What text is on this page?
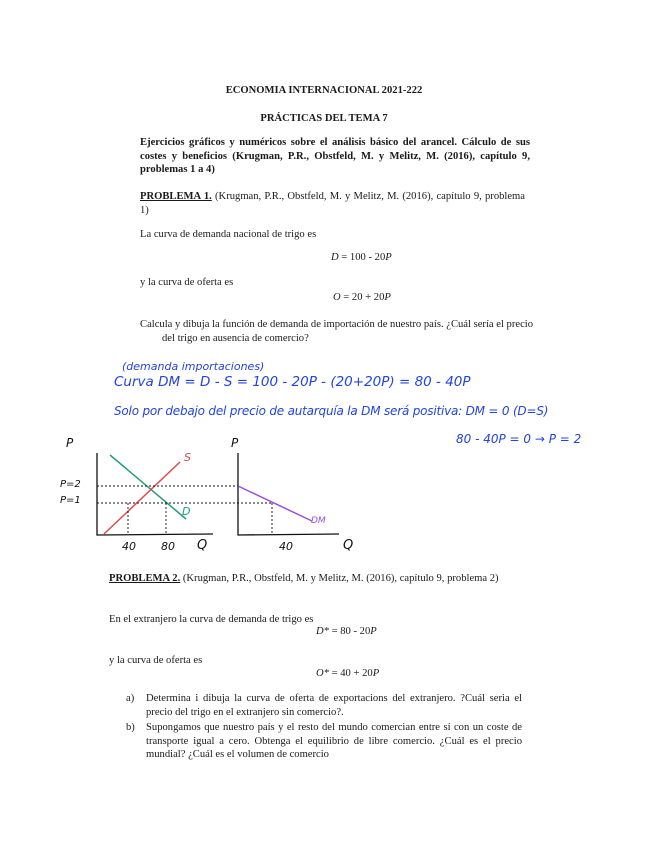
ECONOMIA INTERNACIONAL 2021-222
PRÁCTICAS DEL TEMA 7
Ejercicios gráficos y numéricos sobre el análisis básico del arancel. Cálculo de sus costes y beneficios (Krugman, P.R., Obstfeld, M. y Melitz, M. (2016), capítulo 9, problemas 1 a 4)
PROBLEMA 1. (Krugman, P.R., Obstfeld, M. y Melitz, M. (2016), capítulo 9, problema 1)
La curva de demanda nacional de trigo es
D = 100 - 20P
y la curva de oferta es
O = 20 + 20P
Calcula y dibuja la función de demanda de importación de nuestro país. ¿Cuál sería el precio del trigo en ausencia de comercio?
(demanda importaciones)
Curva DM = D - S = 100 - 20P - (20+20P) = 80 - 40P
Solo por debajo del precio de autarquía la DM será positiva: DM = 0 (D=S)
80 - 40P = 0 → P = 2
P
P=2
P=1
S
D
40 80 Q
P
DM
40	Q
PROBLEMA 2. (Krugman, P.R., Obstfeld, M. y Melitz, M. (2016), capítulo 9, problema 2)
En el extranjero la curva de demanda de trigo es
D* = 80 - 20P
y la curva de oferta es
O* = 40 + 20P
a) Determina i dibuja la curva de oferta de exportacions del extranjero. ?Cuál seria el precio del trigo en el extranjero sin comercio?.
b) Supongamos que nuestro país y el resto del mundo comercian entre sí con un coste de transporte igual a cero. Obtenga el equilibrio de libre comercio. ¿Cuál es el precio mundial? ¿Cuál es el volumen de comercio
